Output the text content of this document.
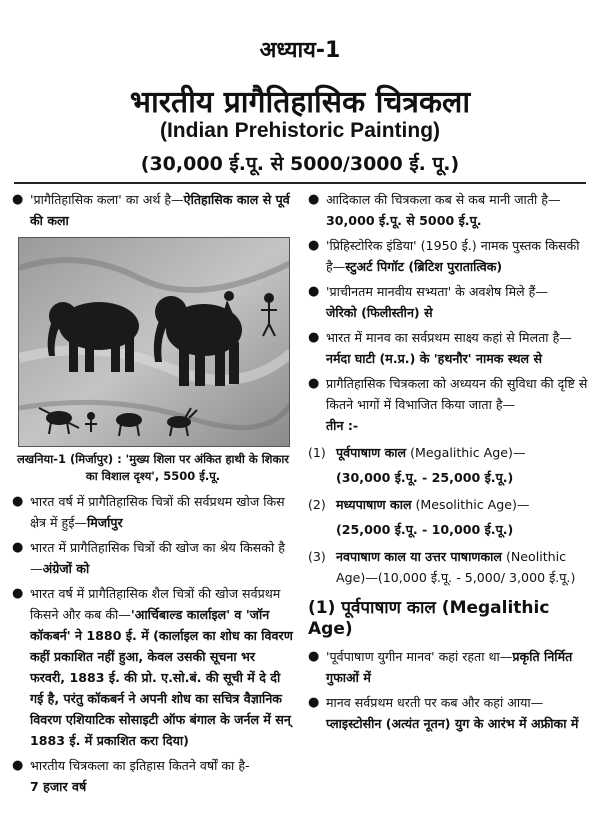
अध्याय-1
भारतीय प्रागैतिहासिक चित्रकला
(Indian Prehistoric Painting)
(30,000 ई.पू. से 5000/3000 ई. पू.)
● 'प्रागैतिहासिक कला' का अर्थ है—ऐतिहासिक काल से पूर्व की कला
लखनिया-1 (मिर्जापुर) : 'मुख्य शिला पर अंकित हाथी के शिकार का विशाल दृश्य', 5500 ई.पू.
● भारत वर्ष में प्रागैतिहासिक चित्रों की सर्वप्रथम खोज किस क्षेत्र में हुई—मिर्जापुर
● भारत में प्रागैतिहासिक चित्रों की खोज का श्रेय किसको है—अंग्रेजों को
● भारत वर्ष में प्रागैतिहासिक शैल चित्रों की खोज सर्वप्रथम किसने और कब की—'आर्चिबाल्ड कार्लाइल' व 'जॉन कॉकबर्न' ने 1880 ई. में (कार्लाइल का शोध का विवरण कहीं प्रकाशित नहीं हुआ, केवल उसकी सूचना भर फरवरी, 1883 ई. की प्रो. ए.सो.बं. की सूची में दे दी गई है, परंतु कॉकबर्न ने अपनी शोध का सचित्र वैज्ञानिक विवरण एशियाटिक सोसाइटी ऑफ बंगाल के जर्नल में सन् 1883 ई. में प्रकाशित करा दिया)
● भारतीय चित्रकला का इतिहास कितने वर्षों का है-
7 हजार वर्ष
● आदिकाल की चित्रकला कब से कब मानी जाती है—
30,000 ई.पू. से 5000 ई.पू.
● 'प्रिहिस्टोरिक इंडिया' (1950 ई.) नामक पुस्तक किसकी है—स्टुअर्ट पिगॉट (ब्रिटिश पुरातात्विक)
● 'प्राचीनतम मानवीय सभ्यता' के अवशेष मिले हैं—
जेरिको (फिलीस्तीन) से
● भारत में मानव का सर्वप्रथम साक्ष्य कहां से मिलता है—नर्मदा घाटी (म.प्र.) के 'हथनौर' नामक स्थल से
● प्रागैतिहासिक चित्रकला को अध्ययन की सुविधा की दृष्टि से कितने भागों में विभाजित किया जाता है—
तीन :-
(1) पूर्वपाषाण काल (Megalithic Age)—
(30,000 ई.पू. - 25,000 ई.पू.)
(2) मध्यपाषाण काल (Mesolithic Age)—
(25,000 ई.पू. - 10,000 ई.पू.)
(3) नवपाषाण काल या उत्तर पाषाणकाल (Neolithic Age)—(10,000 ई.पू. - 5,000/ 3,000 ई.पू.)
(1) पूर्वपाषाण काल (Megalithic Age)
● 'पूर्वपाषाण युगीन मानव' कहां रहता था—प्रकृति निर्मित गुफाओं में
● मानव सर्वप्रथम धरती पर कब और कहां आया—प्लाइस्टोसीन (अत्यंत नूतन) युग के आरंभ में अफ्रीका में
